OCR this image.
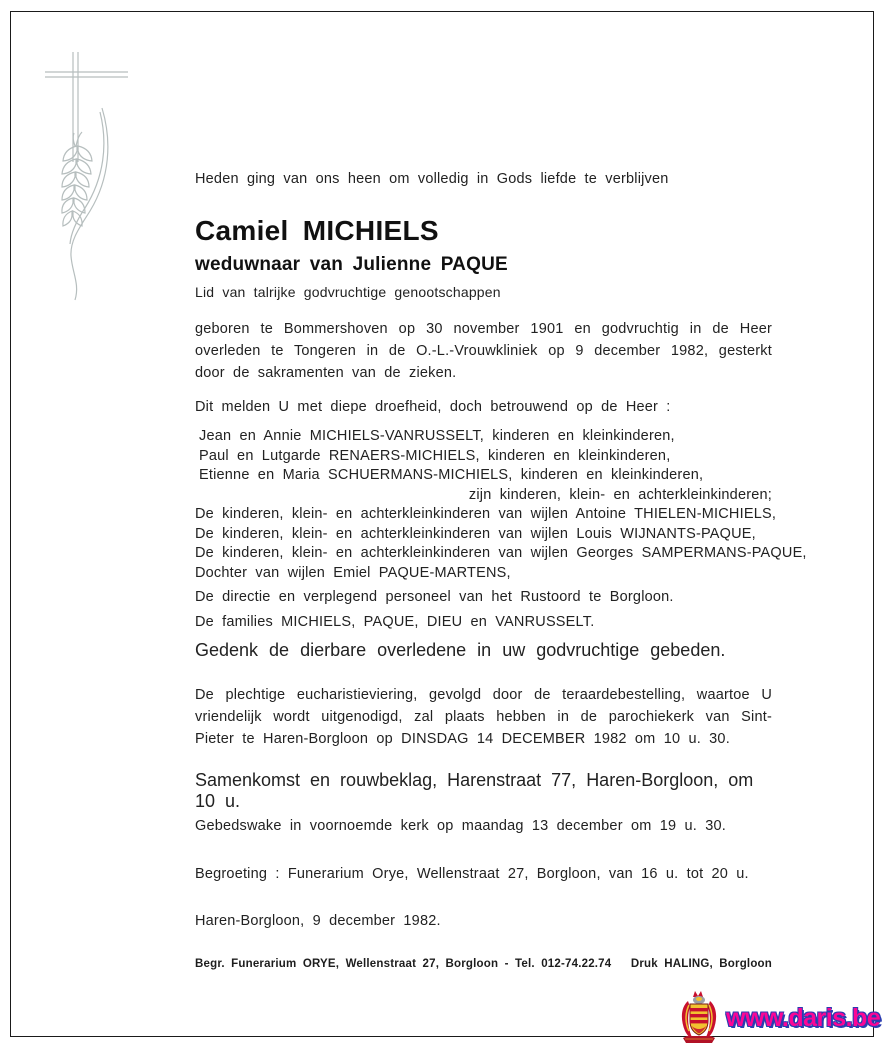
Heden ging van ons heen om volledig in Gods liefde te verblijven
Camiel MICHIELS
weduwnaar van Julienne PAQUE
Lid van talrijke godvruchtige genootschappen
geboren te Bommershoven op 30 november 1901 en godvruchtig in de Heer overleden te Tongeren in de O.-L.-Vrouwkliniek op 9 december 1982, gesterkt door de sakramenten van de zieken.
Dit melden U met diepe droefheid, doch betrouwend op de Heer :
Jean en Annie MICHIELS-VANRUSSELT, kinderen en kleinkinderen,
Paul en Lutgarde RENAERS-MICHIELS, kinderen en kleinkinderen,
Etienne en Maria SCHUERMANS-MICHIELS, kinderen en kleinkinderen,
zijn kinderen, klein- en achterkleinkinderen;
De kinderen, klein- en achterkleinkinderen van wijlen Antoine THIELEN-MICHIELS,
De kinderen, klein- en achterkleinkinderen van wijlen Louis WIJNANTS-PAQUE,
De kinderen, klein- en achterkleinkinderen van wijlen Georges SAMPERMANS-PAQUE,
Dochter van wijlen Emiel PAQUE-MARTENS,
De directie en verplegend personeel van het Rustoord te Borgloon.
De families MICHIELS, PAQUE, DIEU en VANRUSSELT.
Gedenk de dierbare overledene in uw godvruchtige gebeden.
De plechtige eucharistieviering, gevolgd door de teraardebestelling, waartoe U vriendelijk wordt uitgenodigd, zal plaats hebben in de parochiekerk van Sint-Pieter te Haren-Borgloon op DINSDAG 14 DECEMBER 1982 om 10 u. 30.
Samenkomst en rouwbeklag, Harenstraat 77, Haren-Borgloon, om 10 u.
Gebedswake in voornoemde kerk op maandag 13 december om 19 u. 30.
Begroeting : Funerarium Orye, Wellenstraat 27, Borgloon, van 16 u. tot 20 u.
Haren-Borgloon, 9 december 1982.
Begr. Funerarium ORYE, Wellenstraat 27, Borgloon - Tel. 012-74.22.74 Druk HALING, Borgloon
www.daris.be
